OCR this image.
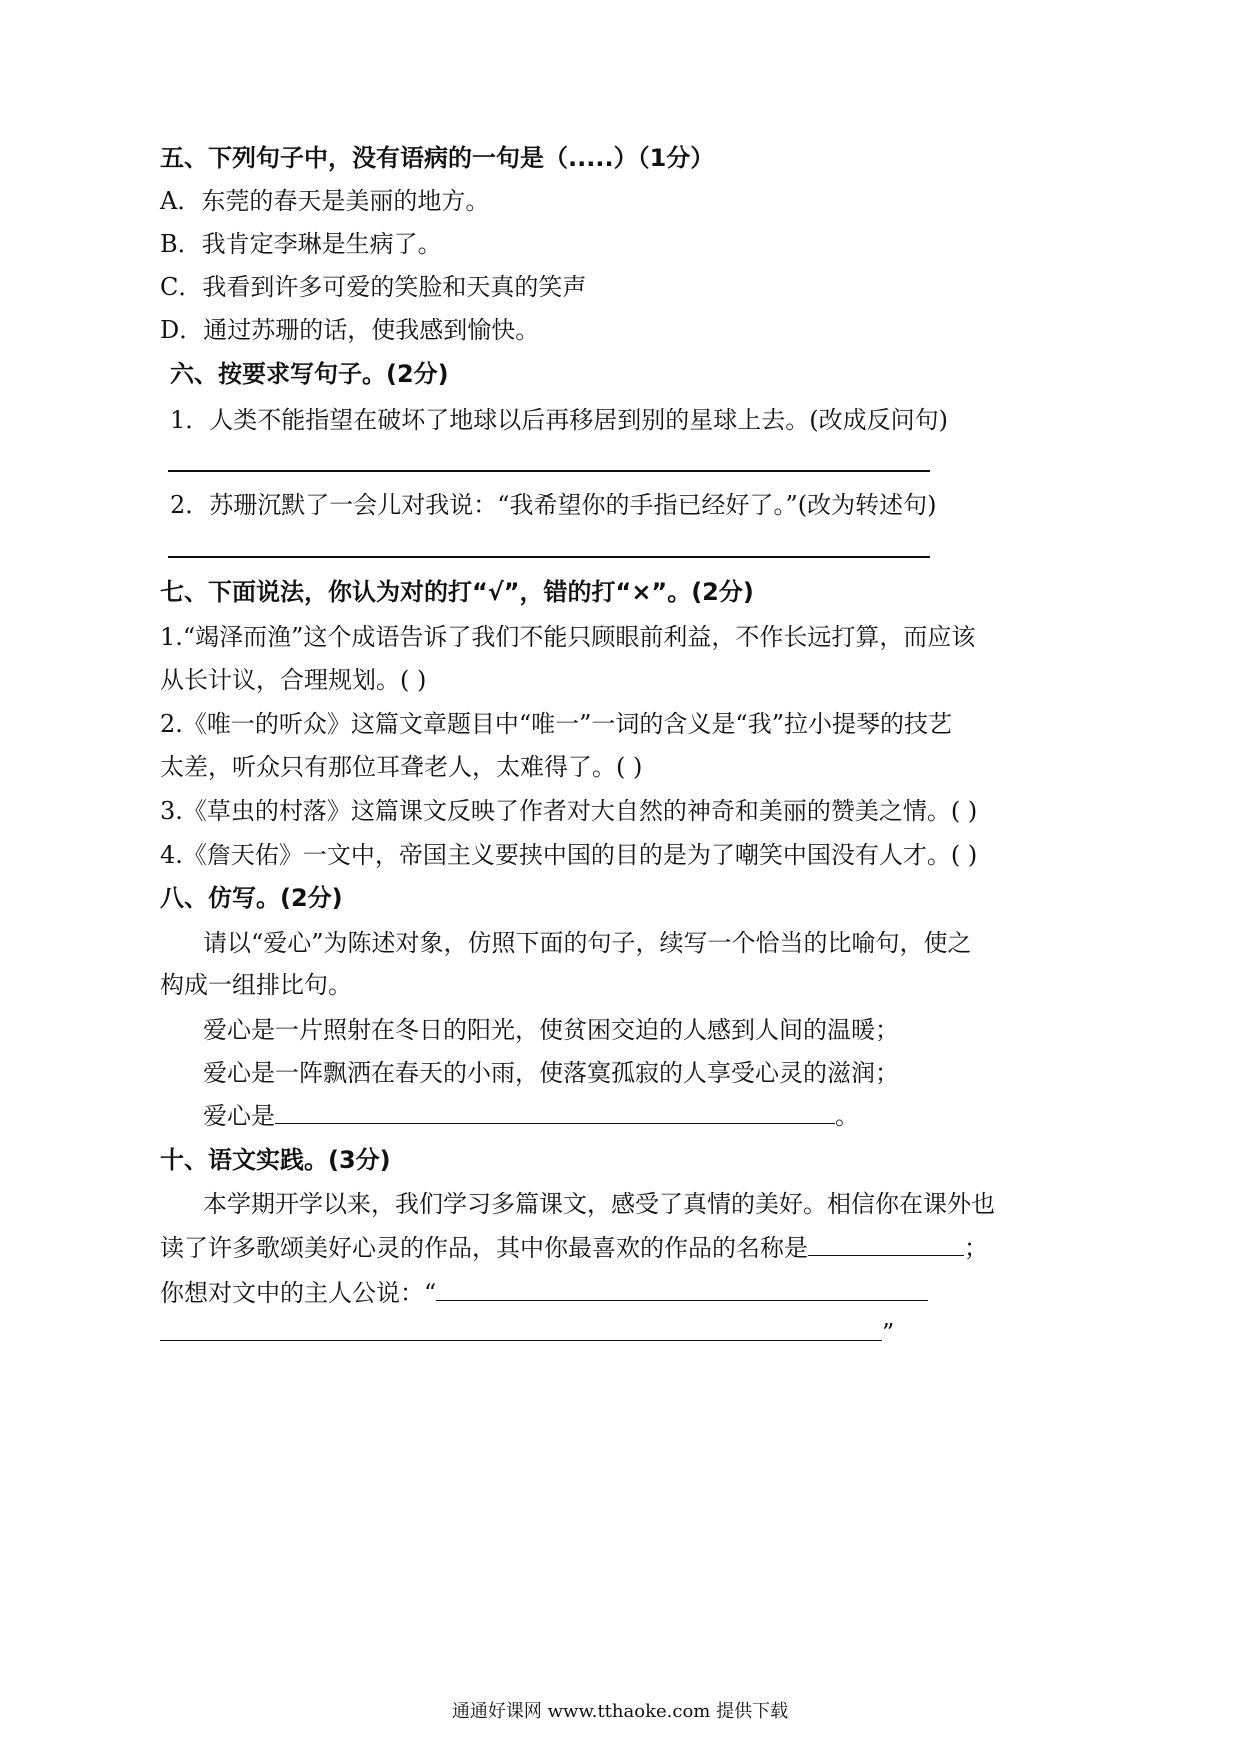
五、下列句子中，没有语病的一句是（.....）（1分）
A．东莞的春天是美丽的地方。
B．我肯定李琳是生病了。
C．我看到许多可爱的笑脸和天真的笑声
D．通过苏珊的话，使我感到愉快。
六、按要求写句子。(2分)
1．人类不能指望在破坏了地球以后再移居到别的星球上去。(改成反问句)
2．苏珊沉默了一会儿对我说：“我希望你的手指已经好了。”(改为转述句)
七、下面说法，你认为对的打“√”，错的打“×”。(2分)
1.“竭泽而渔”这个成语告诉了我们不能只顾眼前利益，不作长远打算，而应该
从长计议，合理规划。( )
2.《唯一的听众》这篇文章题目中“唯一”一词的含义是“我”拉小提琴的技艺
太差，听众只有那位耳聋老人，太难得了。( )
3.《草虫的村落》这篇课文反映了作者对大自然的神奇和美丽的赞美之情。( )
4.《詹天佑》一文中，帝国主义要挟中国的目的是为了嘲笑中国没有人才。( )
八、仿写。(2分)
请以“爱心”为陈述对象，仿照下面的句子，续写一个恰当的比喻句，使之
构成一组排比句。
爱心是一片照射在冬日的阳光，使贫困交迫的人感到人间的温暖；
爱心是一阵飘洒在春天的小雨，使落寞孤寂的人享受心灵的滋润；
爱心是	。
十、语文实践。(3分)
本学期开学以来，我们学习多篇课文，感受了真情的美好。相信你在课外也
读了许多歌颂美好心灵的作品，其中你最喜欢的作品的名称是	；
你想对文中的主人公说：“
”
通通好课网 www.tthaoke.com 提供下载
